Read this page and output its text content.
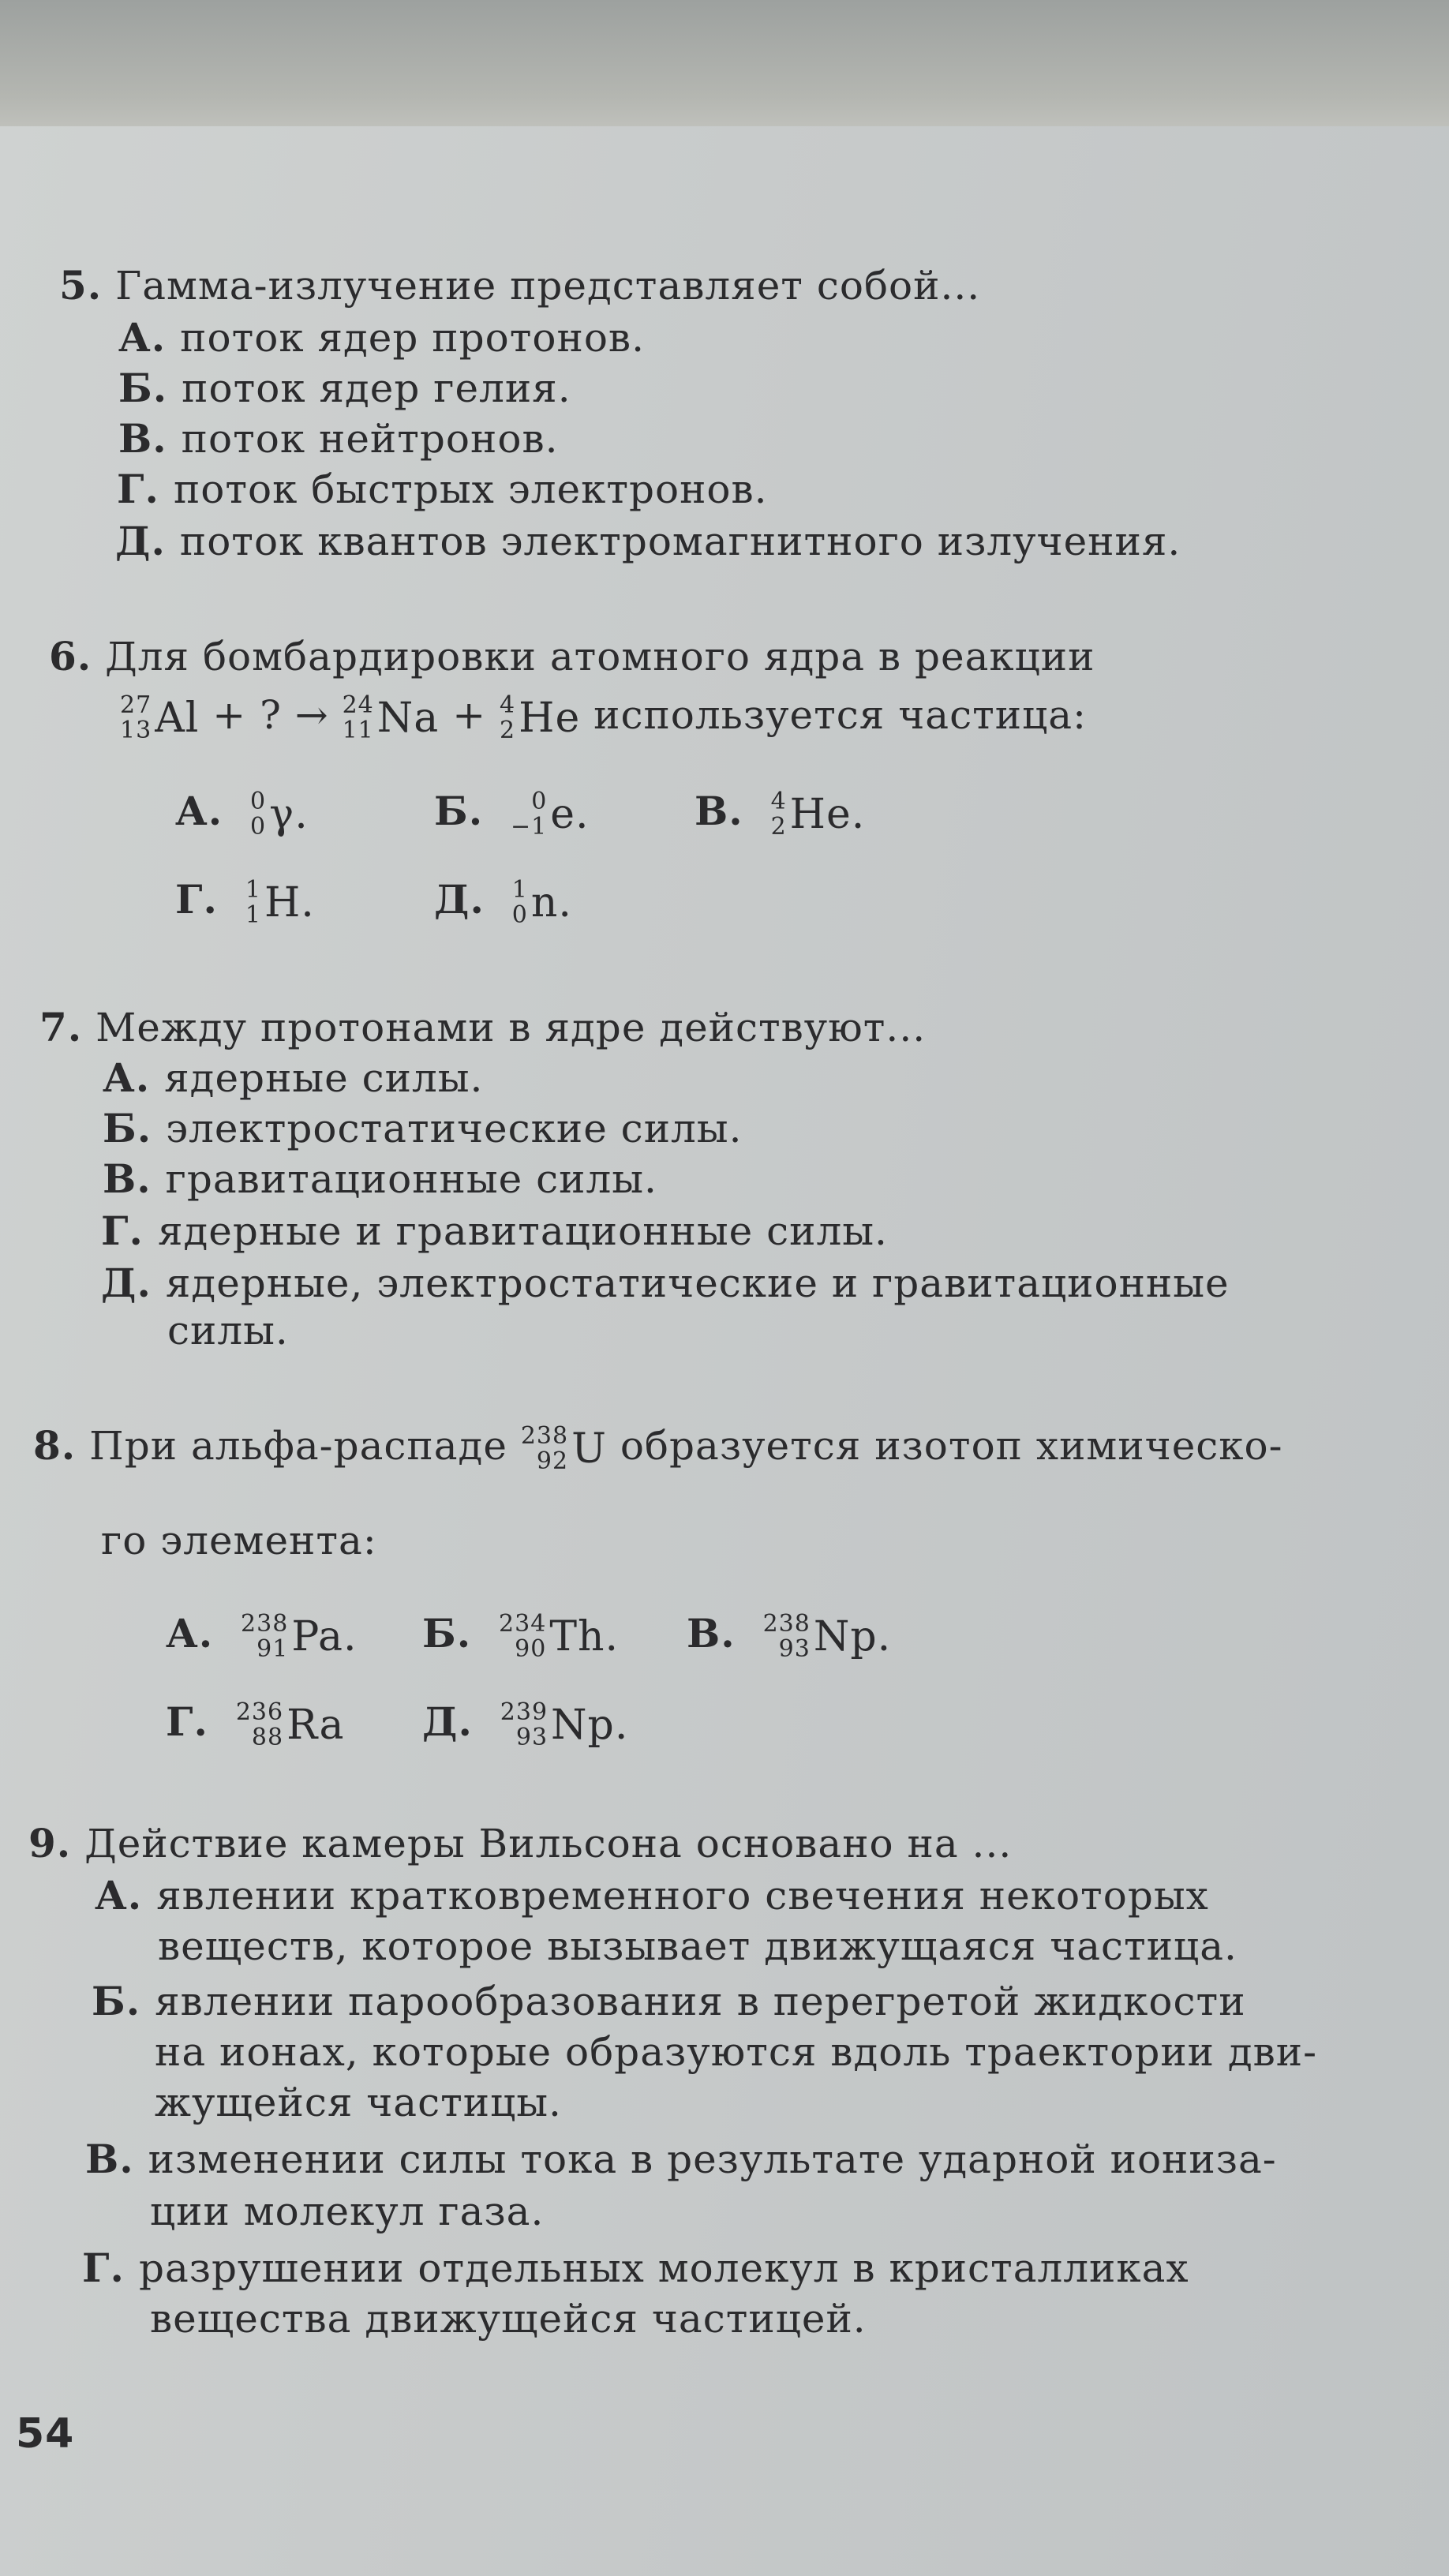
5. Гамма-излучение представляет собой...
А. поток ядер протонов.
Б. поток ядер гелия.
В. поток нейтронов.
Г. поток быстрых электронов.
Д. поток квантов электромагнитного излучения.
6. Для бомбардировки атомного ядра в реакции
27
13 Al + ? → 24
11 Na + 4
2 He используется частица:
А. 0
0 γ.	Б. 0
−1 e.	В. 4
2 He.
Г. 1
1 H.	Д. 1
0 n.
7. Между протонами в ядре действуют...
А. ядерные силы.
Б. электростатические силы.
В. гравитационные силы.
Г. ядерные и гравитационные силы.
Д. ядерные, электростатические и гравитационные
силы.
8. При альфа-распаде 238
92 U образуется изотоп химическо-
го элемента:
А. 238
91 Pa. Б. 234
90 Th. В. 238
93 Np.
Г. 236
88 Ra Д. 239
93 Np.
9. Действие камеры Вильсона основано на ...
А. явлении кратковременного свечения некоторых
веществ, которое вызывает движущаяся частица.
Б. явлении парообразования в перегретой жидкости
на ионах, которые образуются вдоль траектории дви-
жущейся частицы.
В. изменении силы тока в результате ударной иониза-
ции молекул газа.
Г. разрушении отдельных молекул в кристалликах
вещества движущейся частицей.
54
